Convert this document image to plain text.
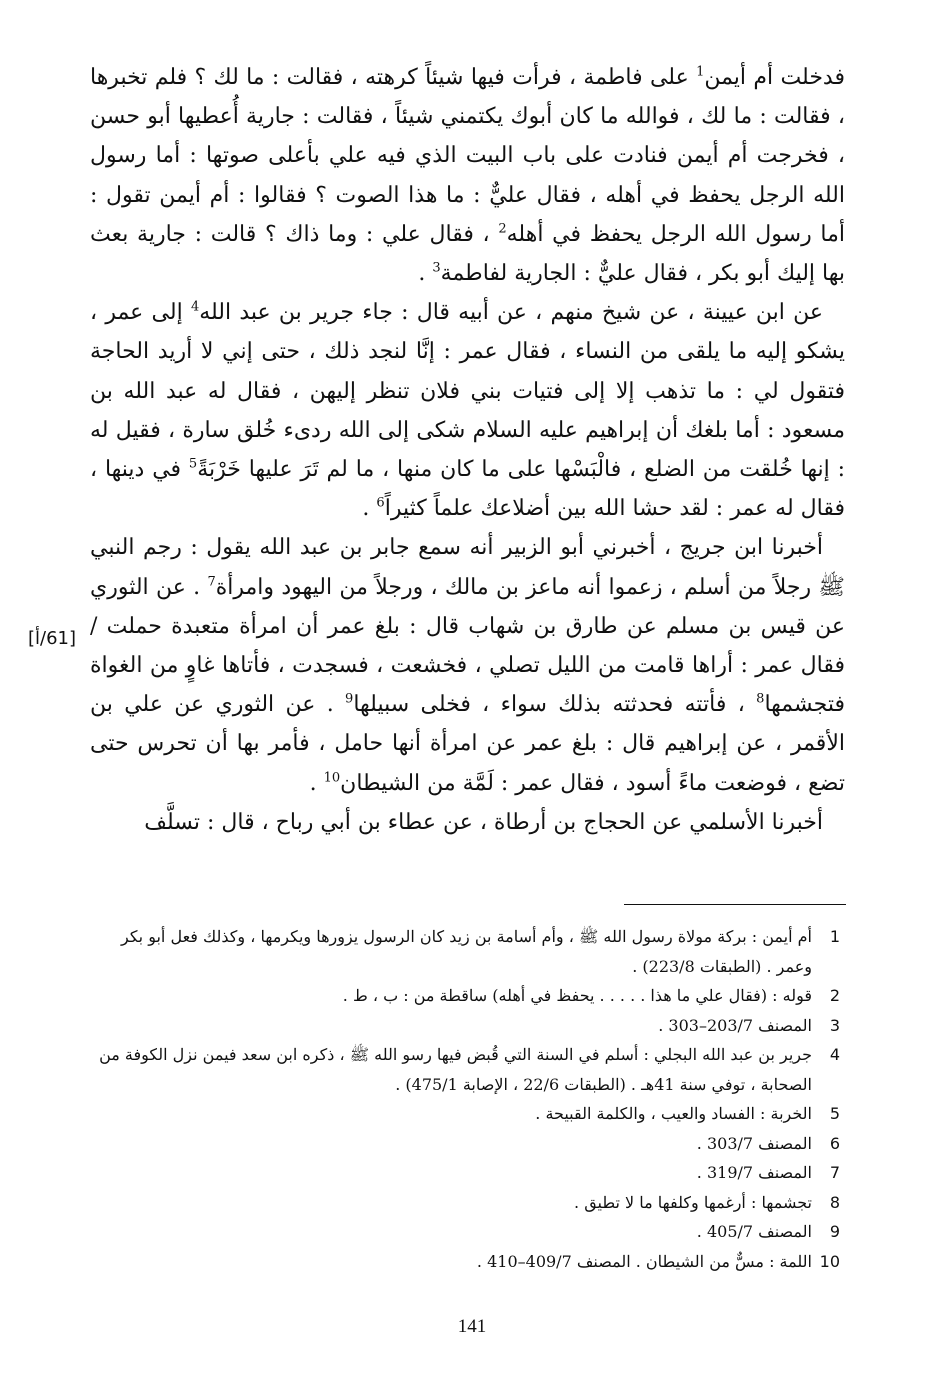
فدخلت أم أيمن$^1$ على فاطمة ، فرأت فيها شيئاً كرهته ، فقالت : ما لك ؟ فلم تخبرها ، فقالت : ما لك ، فوالله ما كان أبوك يكتمني شيئاً ، فقالت : جارية أُعطيها أبو حسن ، فخرجت أم أيمن فنادت على باب البيت الذي فيه علي بأعلى صوتها : أما رسول الله الرجل يحفظ في أهله ، فقال عليٌّ : ما هذا الصوت ؟ فقالوا : أم أيمن تقول : أما رسول الله الرجل يحفظ في أهله$^2$ ، فقال علي : وما ذاك ؟ قالت : جارية بعث بها إليك أبو بكر ، فقال عليٌّ : الجارية لفاطمة$^3$ .

عن ابن عيينة ، عن شيخ منهم ، عن أبيه قال : جاء جرير بن عبد الله$^4$ إلى عمر ، يشكو إليه ما يلقى من النساء ، فقال عمر : إنَّا لنجد ذلك ، حتى إني لا أريد الحاجة فتقول لي : ما تذهب إلا إلى فتيات بني فلان تنظر إليهن ، فقال له عبد الله بن مسعود : أما بلغك أن إبراهيم عليه السلام شكى إلى الله ردىء خُلق سارة ، فقيل له : إنها خُلقت من الضلع ، فالْبَسْها على ما كان منها ، ما لم تَرَ عليها خَرْبَةً$^5$ في دينها ، فقال له عمر : لقد حشا الله بين أضلاعك علماً كثيراً$^6$ .

أخبرنا ابن جريج ، أخبرني أبو الزبير أنه سمع جابر بن عبد الله يقول : رجم النبي ﷺ رجلاً من أسلم ، زعموا أنه ماعز بن مالك ، ورجلاً من اليهود وامرأة$^7$ . عن الثوري عن قيس بن مسلم عن طارق بن شهاب قال : بلغ عمر أن امرأة متعبدة حملت / فقال عمر : أراها قامت من الليل تصلي ، فخشعت ، فسجدت ، فأتاها غاوٍ من الغواة فتجشمها$^8$ ، فأتته فحدثته بذلك سواء ، فخلى سبيلها$^9$ . عن الثوري عن علي بن الأقمر ، عن إبراهيم قال : بلغ عمر عن امرأة أنها حامل ، فأمر بها أن تحرس حتى تضع ، فوضعت ماءً أسود ، فقال عمر : لَمَّة من الشيطان$^{10}$ .

أخبرنا الأسلمي عن الحجاج بن أرطاة ، عن عطاء بن أبي رباح ، قال : تسلَّف

[61/أ]
1
أم أيمن : بركة مولاة رسول الله ﷺ ، وأم أسامة بن زيد كان الرسول يزورها ويكرمها ، وكذلك فعل أبو بكر وعمر . (الطبقات 223/8) .
2
قوله : (فقال علي ما هذا . . . . . يحفظ في أهله) ساقطة من : ب ، ط .
3
المصنف 203/7–303 .
4
جرير بن عبد الله البجلي : أسلم في السنة التي قُبض فيها رسو الله ﷺ ، ذكره ابن سعد فيمن نزل الكوفة من الصحابة ، توفي سنة 41هـ . (الطبقات 22/6 ، الإصابة 475/1) .
5
الخربة : الفساد والعيب ، والكلمة القبيحة .
6
المصنف 303/7 .
7
المصنف 319/7 .
8
تجشمها : أرغمها وكلفها ما لا تطيق .
9
المصنف 405/7 .
10
اللمة : مسٌّ من الشيطان . المصنف 409/7–410 .
141
